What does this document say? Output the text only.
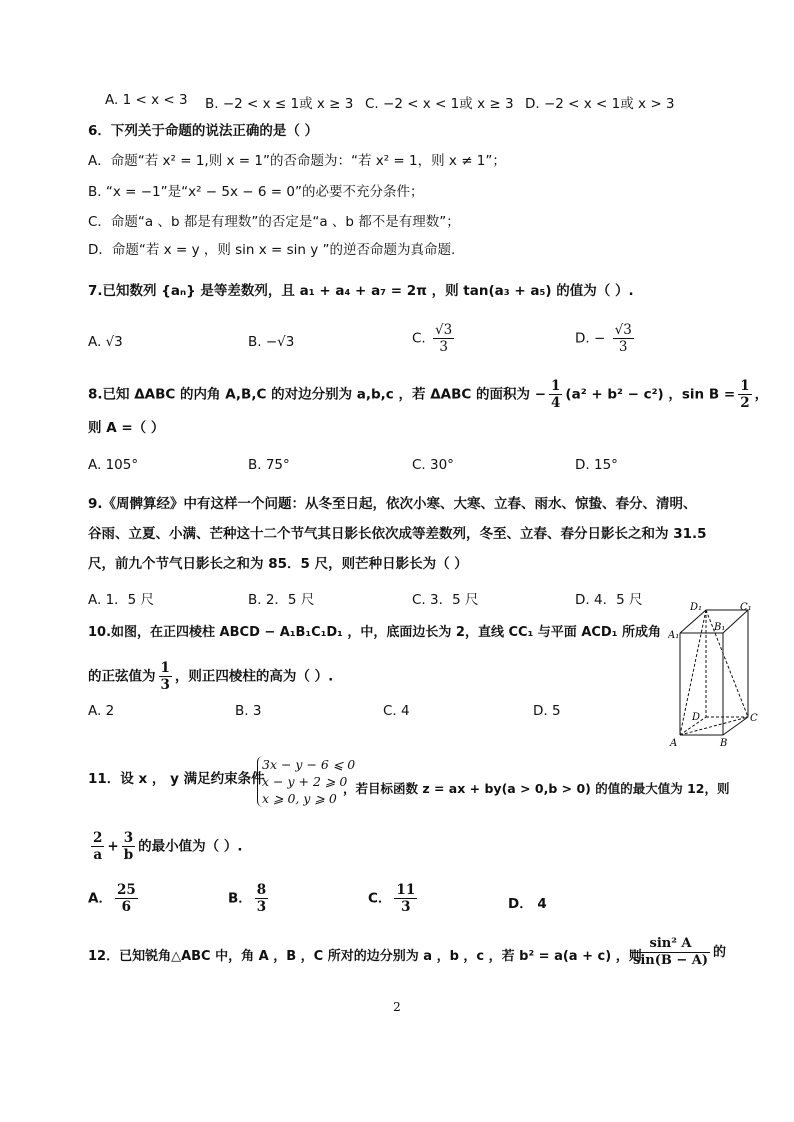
A. 1 < x < 3 B. −2 < x ≤ 1或 x ≥ 3 C. −2 < x < 1或 x ≥ 3 D. −2 < x < 1或 x > 3
6．下列关于命题的说法正确的是（ ）
A．命题“若 x² = 1,则 x = 1”的否命题为：“若 x² = 1，则 x ≠ 1”；
B. “x = −1”是“x² − 5x − 6 = 0”的必要不充分条件；
C．命题“a 、b 都是有理数”的否定是“a 、b 都不是有理数”；
D．命题“若 x = y ，则 sin x = sin y ”的逆否命题为真命题.
7.已知数列 {aₙ} 是等差数列，且 a₁ + a₄ + a₇ = 2π ，则 tan(a₃ + a₅) 的值为（ ）.
A. √3	B. −√3	C. $\frac{√3}{3}$	D. − $\frac{√3}{3}$
8.已知 ΔABC 的内角 A,B,C 的对边分别为 a,b,c ，若 ΔABC 的面积为 − $\frac{1}{4} (a^2 + b^2 - c^2)$ ，$\sin B = \frac{1}{2}$ ，
则 A =（ ）
A. 105°	B. 75°	C. 30°	D. 15°
9.《周髀算经》中有这样一个问题：从冬至日起，依次小寒、大寒、立春、雨水、惊蛰、春分、清明、
谷雨、立夏、小满、芒种这十二个节气其日影长依次成等差数列，冬至、立春、春分日影长之和为 31.5
尺，前九个节气日影长之和为 85．5 尺，则芒种日影长为（ ）
A. 1．5 尺	B. 2．5 尺	C. 3．5 尺	D. 4．5 尺
10.如图，在正四棱柱 ABCD − A₁B₁C₁D₁ ，中，底面边长为 2，直线 CC₁ 与平面 ACD₁ 所成角
的正弦值为 $\frac{1}{3}$ ，则正四棱柱的高为（ ）.
A. 2	B. 3	C. 4	D. 5
D₁	C₁
A₁
B₁
D	C
A	B
11．设 x ， y 满足约束条件
3x − y − 6 ⩽ 0
x − y + 2 ⩾ 0
x ⩾ 0, y ⩾ 0
，若目标函数 z = ax + by(a > 0,b > 0) 的值的最大值为 12，则
$\frac{2}{a} + \frac{3}{b}$ 的最小值为（ ）.
A． $\frac{25}{6}$	B． $\frac{8}{3}$	C． $\frac{11}{3}$	D． 4
12．已知锐角△ABC 中，角 A ，B ，C 所对的边分别为 a ，b ，c ，若 b² = a(a + c) ，则
$\frac{\text{sin² A}}{\sin(B - A)}$ 的
2
